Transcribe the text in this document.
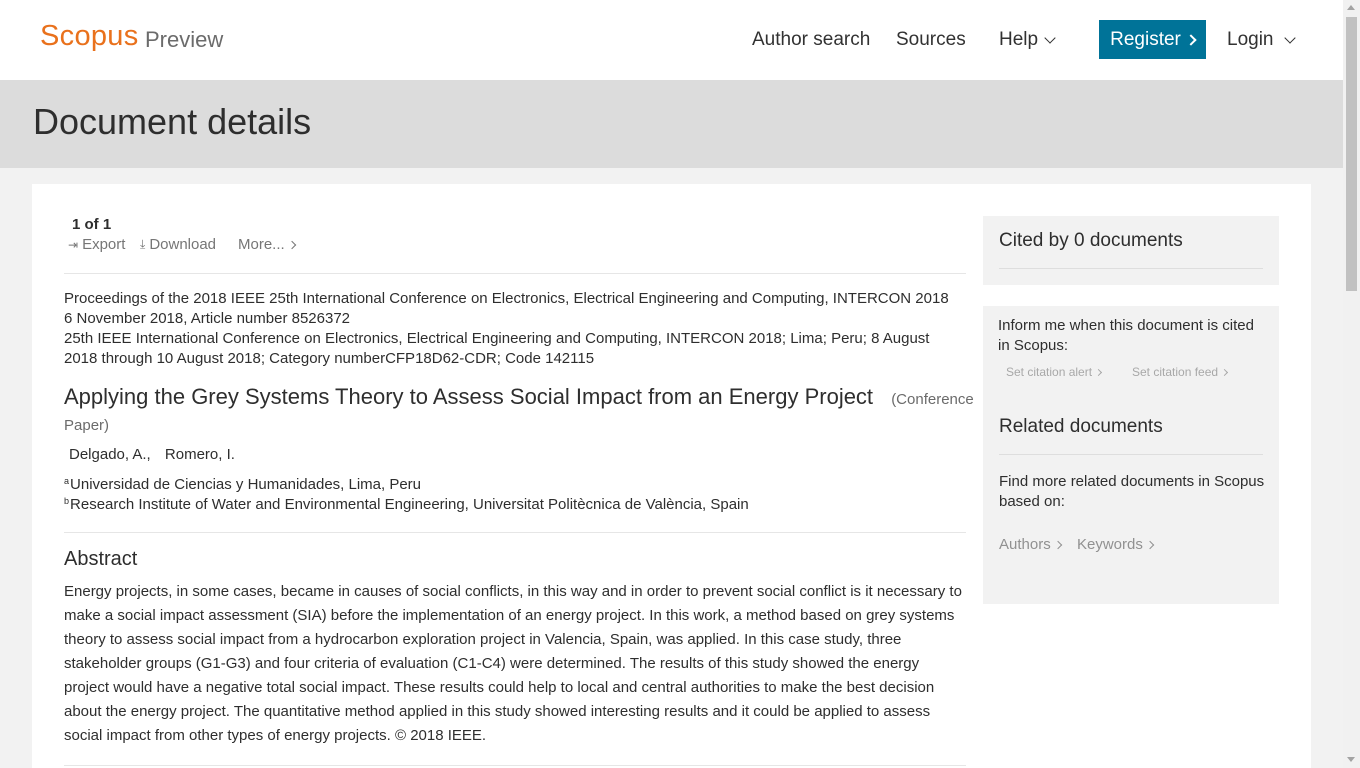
Scopus Preview	Author search Sources Help	Register Login
Document details
1 of 1
⇥ Export ⤓ Download More...
Proceedings of the 2018 IEEE 25th International Conference on Electronics, Electrical Engineering and Computing, INTERCON 2018
6 November 2018, Article number 8526372
25th IEEE International Conference on Electronics, Electrical Engineering and Computing, INTERCON 2018; Lima; Peru; 8 August
2018 through 10 August 2018; Category numberCFP18D62-CDR; Code 142115
Applying the Grey Systems Theory to Assess Social Impact from an Energy Project (Conference
Paper)
Delgado, A., Romero, I.
$^a$Universidad de Ciencias y Humanidades, Lima, Peru
$^b$Research Institute of Water and Environmental Engineering, Universitat Politècnica de València, Spain
Abstract
Energy projects, in some cases, became in causes of social conflicts, in this way and in order to prevent social conflict is it necessary to make a social impact assessment (SIA) before the implementation of an energy project. In this work, a method based on grey systems theory to assess social impact from a hydrocarbon exploration project in Valencia, Spain, was applied. In this case study, three stakeholder groups (G1-G3) and four criteria of evaluation (C1-C4) were determined. The results of this study showed the energy project would have a negative total social impact. These results could help to local and central authorities to make the best decision about the energy project. The quantitative method applied in this study showed interesting results and it could be applied to assess social impact from other types of energy projects. © 2018 IEEE.
Cited by 0 documents
Inform me when this document is cited in Scopus:
Set citation alert	Set citation feed
Related documents
Find more related documents in Scopus based on:
Authors Keywords
